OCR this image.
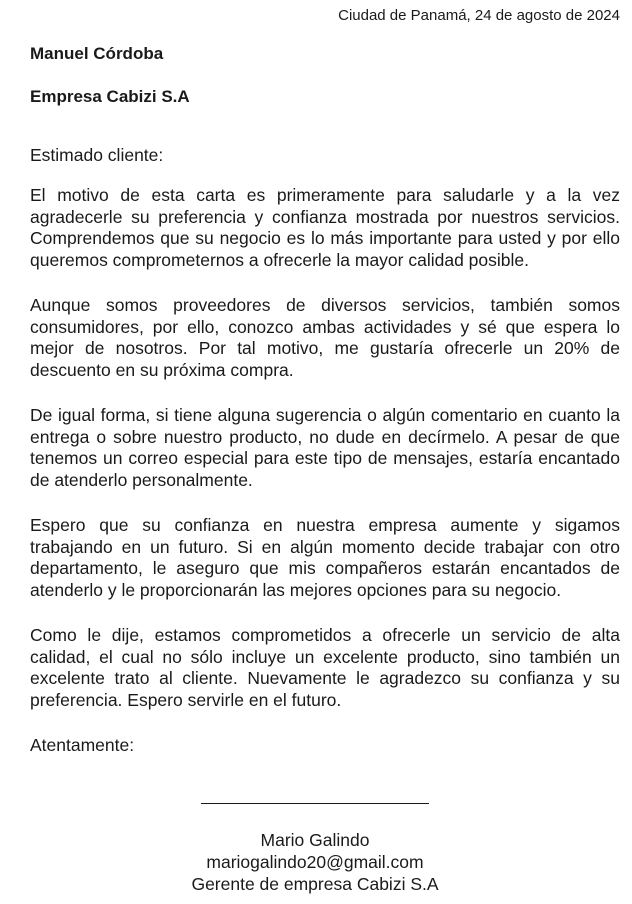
Ciudad de Panamá, 24 de agosto de 2024
Manuel Córdoba
Empresa Cabizi S.A
Estimado cliente:

El motivo de esta carta es primeramente para saludarle y a la vez agradecerle su preferencia y confianza mostrada por nuestros servicios. Comprendemos que su negocio es lo más importante para usted y por ello queremos comprometernos a ofrecerle la mayor calidad posible.

Aunque somos proveedores de diversos servicios, también somos consumidores, por ello, conozco ambas actividades y sé que espera lo mejor de nosotros. Por tal motivo, me gustaría ofrecerle un 20% de descuento en su próxima compra.

De igual forma, si tiene alguna sugerencia o algún comentario en cuanto la entrega o sobre nuestro producto, no dude en decírmelo. A pesar de que tenemos un correo especial para este tipo de mensajes, estaría encantado de atenderlo personalmente.

Espero que su confianza en nuestra empresa aumente y sigamos trabajando en un futuro. Si en algún momento decide trabajar con otro departamento, le aseguro que mis compañeros estarán encantados de atenderlo y le proporcionarán las mejores opciones para su negocio.

Como le dije, estamos comprometidos a ofrecerle un servicio de alta calidad, el cual no sólo incluye un excelente producto, sino también un excelente trato al cliente. Nuevamente le agradezco su confianza y su preferencia. Espero servirle en el futuro.

Atentamente:
Mario Galindo
mariogalindo20@gmail.com
Gerente de empresa Cabizi S.A
